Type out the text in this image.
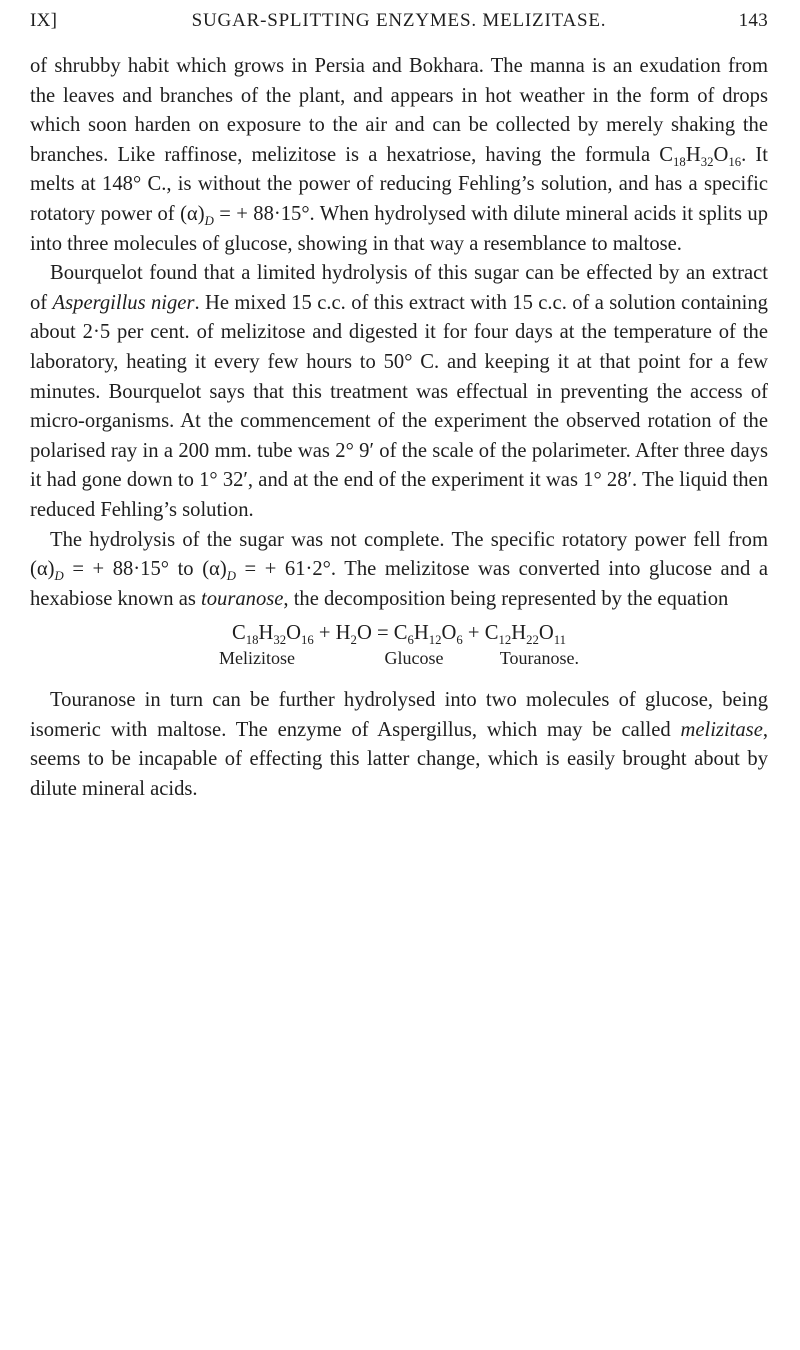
IX]	SUGAR-SPLITTING ENZYMES. MELIZITASE.	143

of shrubby habit which grows in Persia and Bokhara. The manna is an exudation from the leaves and branches of the plant, and appears in hot weather in the form of drops which soon harden on exposure to the air and can be collected by merely shaking the branches. Like raffinose, melizitose is a hexatriose, having the formula $C_{18}H_{32}O_{16}$. It melts at 148° C., is without the power of reducing Fehling’s solution, and has a specific rotatory power of $(\alpha)_D$ = + 88·15°. When hydrolysed with dilute mineral acids it splits up into three molecules of glucose, showing in that way a resemblance to maltose.

Bourquelot found that a limited hydrolysis of this sugar can be effected by an extract of Aspergillus niger. He mixed 15 c.c. of this extract with 15 c.c. of a solution containing about 2·5 per cent. of melizitose and digested it for four days at the temperature of the laboratory, heating it every few hours to 50° C. and keeping it at that point for a few minutes. Bourquelot says that this treatment was effectual in preventing the access of micro-organisms. At the commencement of the experiment the observed rotation of the polarised ray in a 200 mm. tube was 2° 9′ of the scale of the polarimeter. After three days it had gone down to 1° 32′, and at the end of the experiment it was 1° 28′. The liquid then reduced Fehling’s solution.

The hydrolysis of the sugar was not complete. The specific rotatory power fell from $(\alpha)_D$ = + 88·15° to $(\alpha)_D$ = + 61·2°. The melizitose was converted into glucose and a hexabiose known as touranose, the decomposition being represented by the equation

$C_{18}H_{32}O_{16} + H_2O = C_6H_{12}O_6 + C_{12}H_{22}O_{11}$
Melizitose	Glucose	Touranose.

Touranose in turn can be further hydrolysed into two molecules of glucose, being isomeric with maltose. The enzyme of Aspergillus, which may be called melizitase, seems to be incapable of effecting this latter change, which is easily brought about by dilute mineral acids.
